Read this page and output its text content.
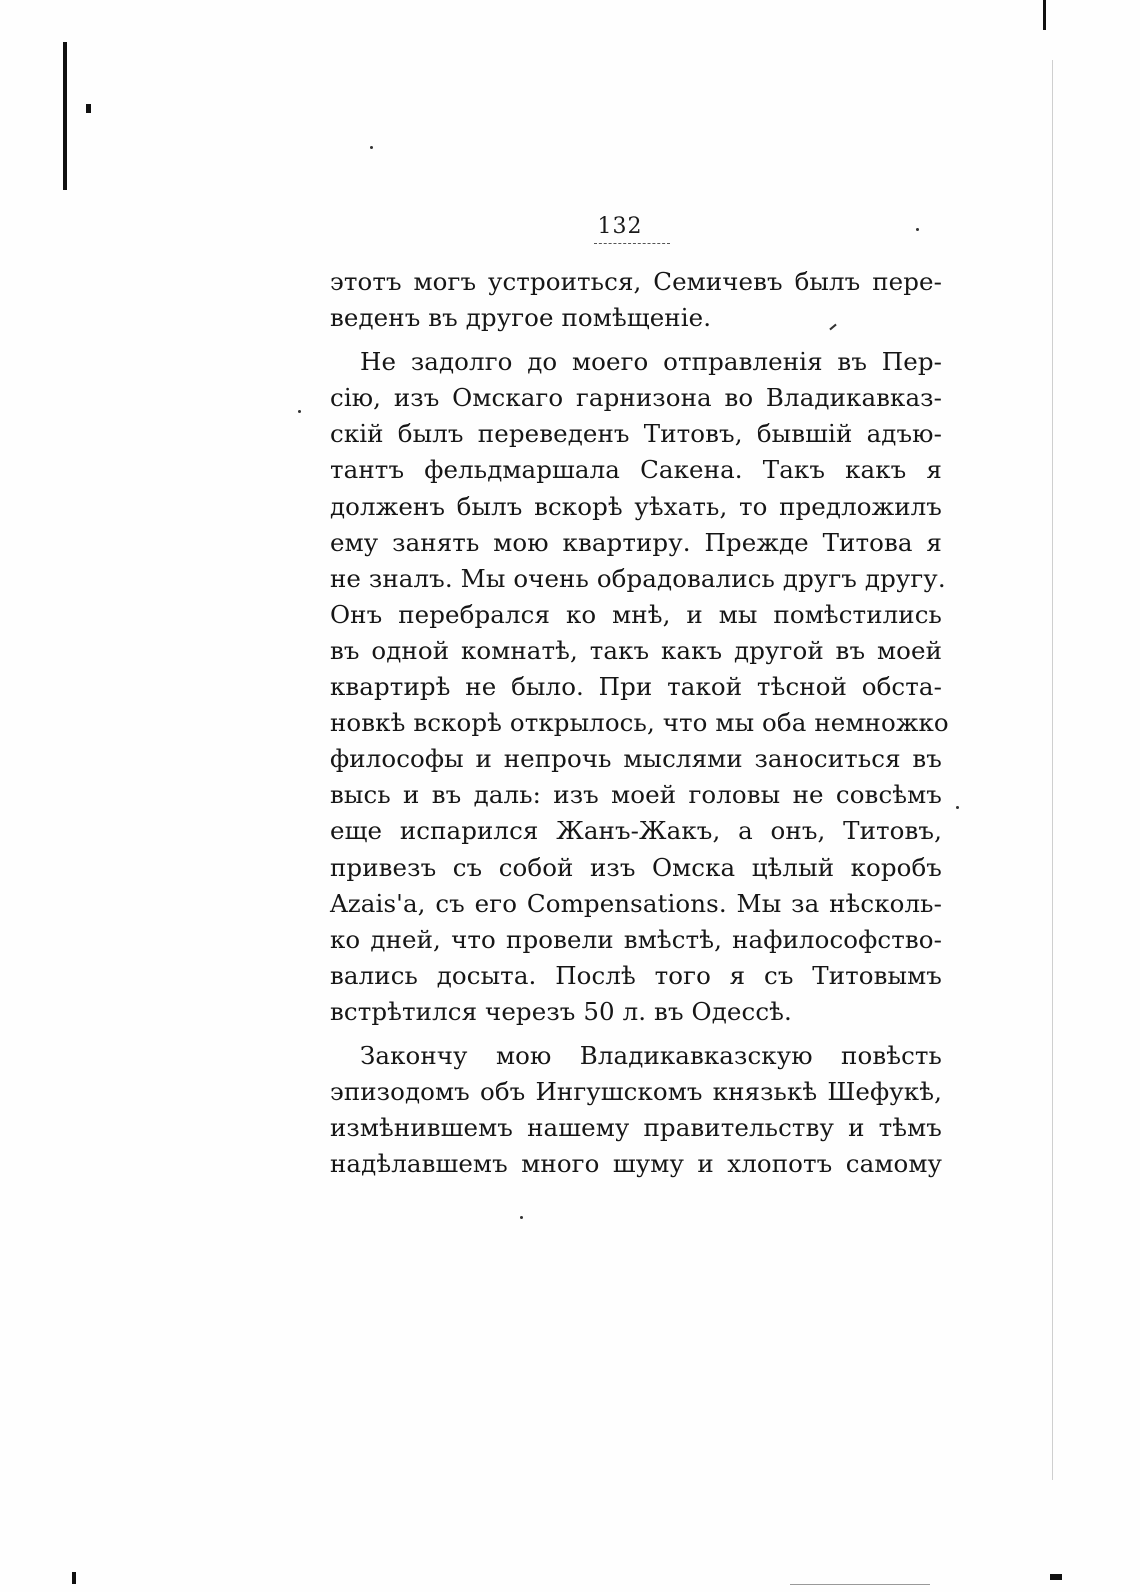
132
этотъ могъ устроиться, Семичевъ былъ пере-
веденъ въ другое помѣщеніе.
Не задолго до моего отправленія въ Пер-
сію, изъ Омскаго гарнизона во Владикавказ-
скій былъ переведенъ Титовъ, бывшій адъю-
тантъ фельдмаршала Сакена. Такъ какъ я
долженъ былъ вскорѣ уѣхать, то предложилъ
ему занять мою квартиру. Прежде Титова я
не зналъ. Мы очень обрадовались другъ другу.
Онъ перебрался ко мнѣ, и мы помѣстились
въ одной комнатѣ, такъ какъ другой въ моей
квартирѣ не было. При такой тѣсной обста-
новкѣ вскорѣ открылось, что мы оба немножко
философы и непрочь мыслями заноситься въ
высь и въ даль: изъ моей головы не совсѣмъ
еще испарился Жанъ-Жакъ, а онъ, Титовъ,
привезъ съ собой изъ Омска цѣлый коробъ
Azais'а, съ его Compensations. Мы за нѣсколь-
ко дней, что провели вмѣстѣ, нафилософство-
вались досыта. Послѣ того я съ Титовымъ
встрѣтился черезъ 50 л. въ Одессѣ.
Закончу мою Владикавказскую повѣсть
эпизодомъ объ Ингушскомъ князькѣ Шефукѣ,
измѣнившемъ нашему правительству и тѣмъ
надѣлавшемъ много шуму и хлопотъ самому
